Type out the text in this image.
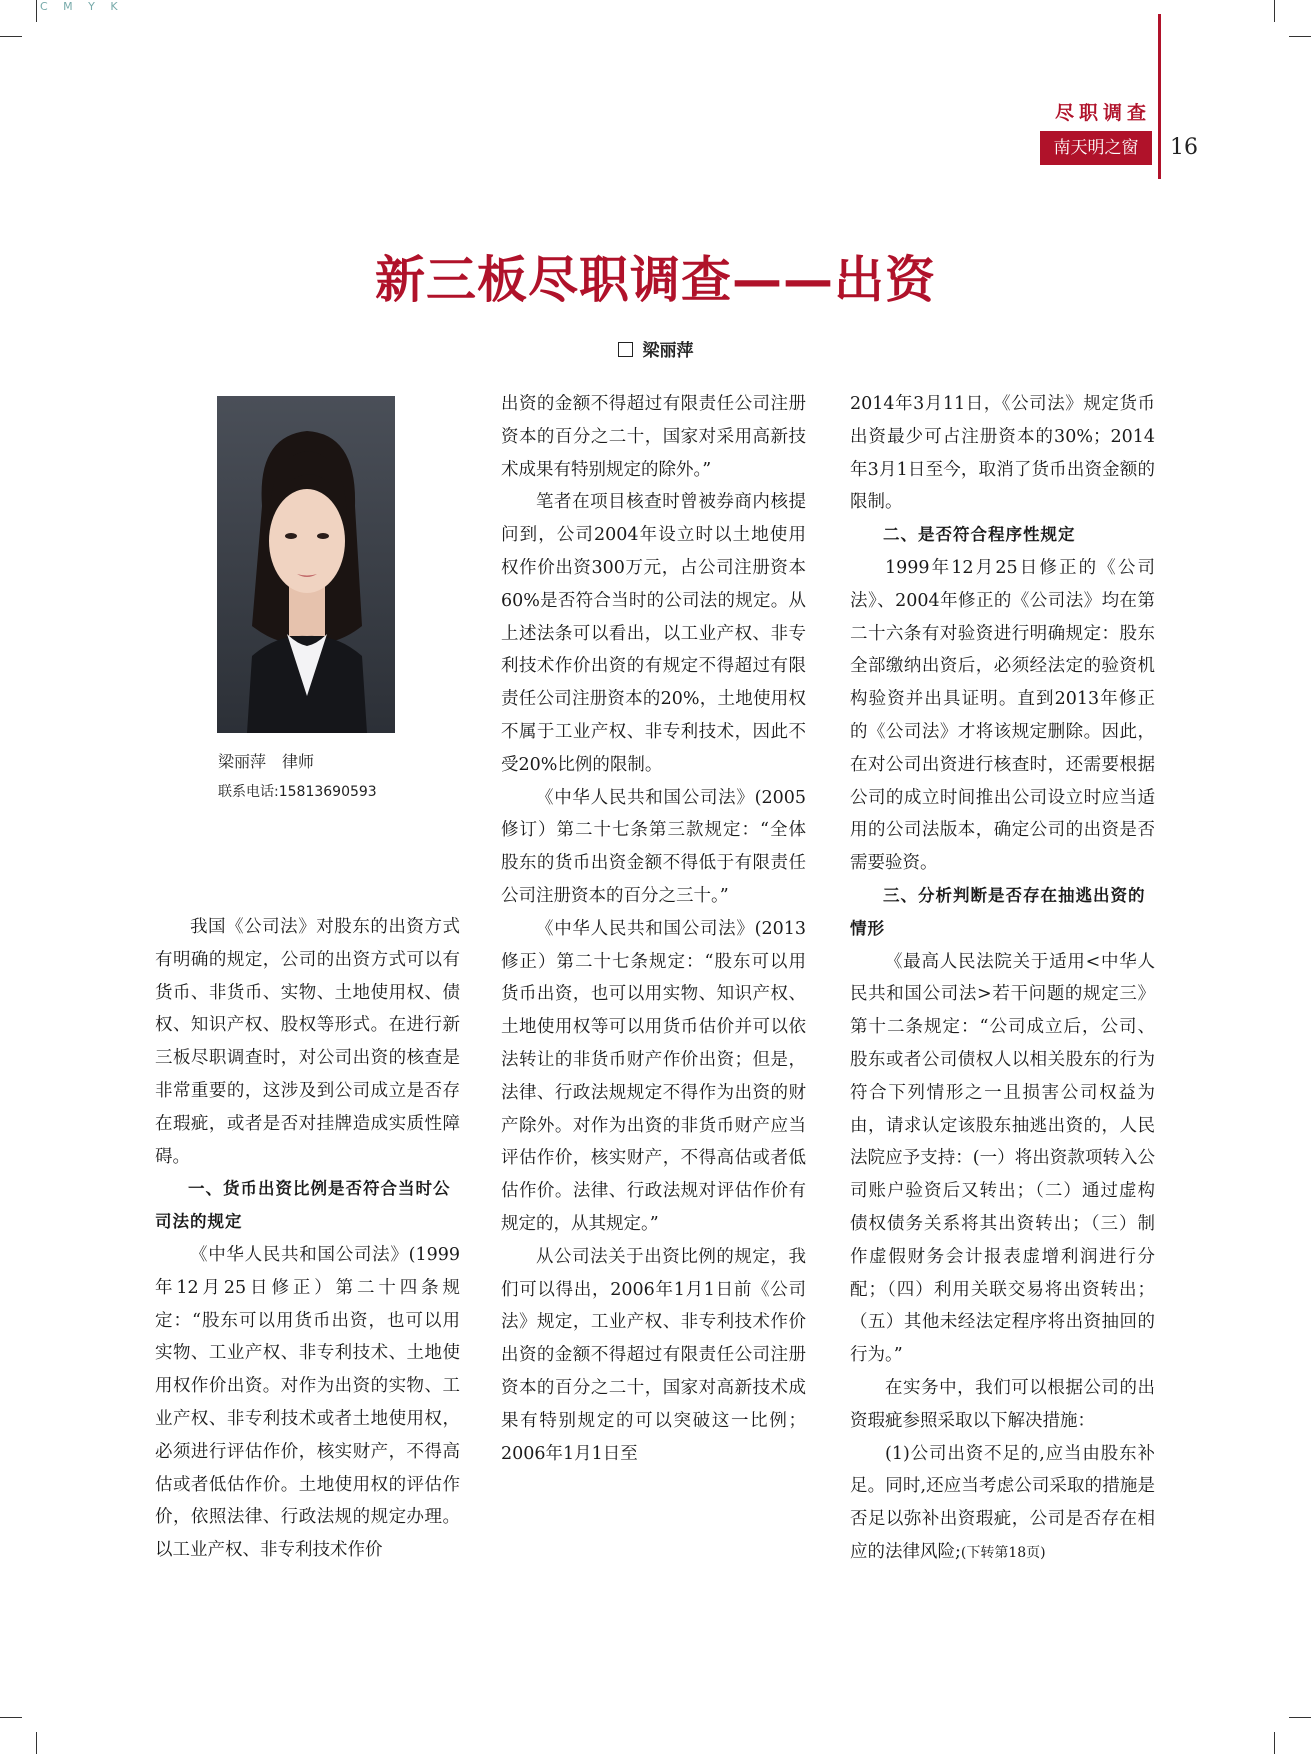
C M Y K
尽职调查
南天明之窗	16
新三板尽职调查——出资
梁丽萍
梁丽萍　律师
联系电话:15813690593

我国《公司法》对股东的出资方式有明确的规定，公司的出资方式可以有货币、非货币、实物、土地使用权、债权、知识产权、股权等形式。在进行新三板尽职调查时，对公司出资的核查是非常重要的，这涉及到公司成立是否存在瑕疵，或者是否对挂牌造成实质性障碍。

一、货币出资比例是否符合当时公司法的规定

《中华人民共和国公司法》(1999年12月25日修正）第二十四条规定：“股东可以用货币出资，也可以用实物、工业产权、非专利技术、土地使用权作价出资。对作为出资的实物、工业产权、非专利技术或者土地使用权，必须进行评估作价，核实财产，不得高估或者低估作价。土地使用权的评估作价，依照法律、行政法规的规定办理。以工业产权、非专利技术作价

出资的金额不得超过有限责任公司注册资本的百分之二十，国家对采用高新技术成果有特别规定的除外。”

笔者在项目核查时曾被券商内核提问到，公司2004年设立时以土地使用权作价出资300万元，占公司注册资本60%是否符合当时的公司法的规定。从上述法条可以看出，以工业产权、非专利技术作价出资的有规定不得超过有限责任公司注册资本的20%，土地使用权不属于工业产权、非专利技术，因此不受20%比例的限制。

《中华人民共和国公司法》(2005修订）第二十七条第三款规定：“全体股东的货币出资金额不得低于有限责任公司注册资本的百分之三十。”

《中华人民共和国公司法》(2013修正）第二十七条规定：“股东可以用货币出资，也可以用实物、知识产权、土地使用权等可以用货币估价并可以依法转让的非货币财产作价出资；但是，法律、行政法规规定不得作为出资的财产除外。对作为出资的非货币财产应当评估作价，核实财产，不得高估或者低估作价。法律、行政法规对评估作价有规定的，从其规定。”

从公司法关于出资比例的规定，我们可以得出，2006年1月1日前《公司法》规定，工业产权、非专利技术作价出资的金额不得超过有限责任公司注册资本的百分之二十，国家对高新技术成果有特别规定的可以突破这一比例；2006年1月1日至

2014年3月11日，《公司法》规定货币出资最少可占注册资本的30%；2014年3月1日至今，取消了货币出资金额的限制。

二、是否符合程序性规定

1999年12月25日修正的《公司法》、2004年修正的《公司法》均在第二十六条有对验资进行明确规定：股东全部缴纳出资后，必须经法定的验资机构验资并出具证明。直到2013年修正的《公司法》才将该规定删除。因此，在对公司出资进行核查时，还需要根据公司的成立时间推出公司设立时应当适用的公司法版本，确定公司的出资是否需要验资。

三、分析判断是否存在抽逃出资的情形

《最高人民法院关于适用<中华人民共和国公司法>若干问题的规定三》第十二条规定：“公司成立后，公司、股东或者公司债权人以相关股东的行为符合下列情形之一且损害公司权益为由，请求认定该股东抽逃出资的，人民法院应予支持：(一）将出资款项转入公司账户验资后又转出；（二）通过虚构债权债务关系将其出资转出；（三）制作虚假财务会计报表虚增利润进行分配；（四）利用关联交易将出资转出；（五）其他未经法定程序将出资抽回的行为。”

在实务中，我们可以根据公司的出资瑕疵参照采取以下解决措施：

(1)公司出资不足的,应当由股东补足。同时,还应当考虑公司采取的措施是否足以弥补出资瑕疵，公司是否存在相应的法律风险;(下转第18页)
